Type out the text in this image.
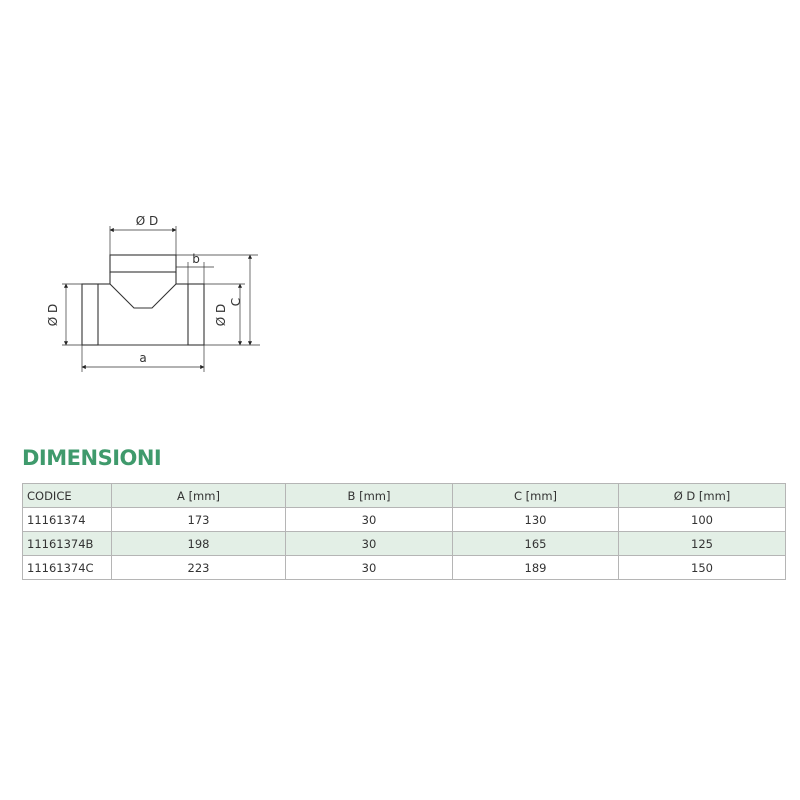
Ø D
Ø D	Ø D
b
C
a
DIMENSIONI
CODICE	A [mm]	B [mm]	C [mm]	Ø D [mm]
11161374	173	30	130	100
11161374B	198	30	165	125
11161374C	223	30	189	150
